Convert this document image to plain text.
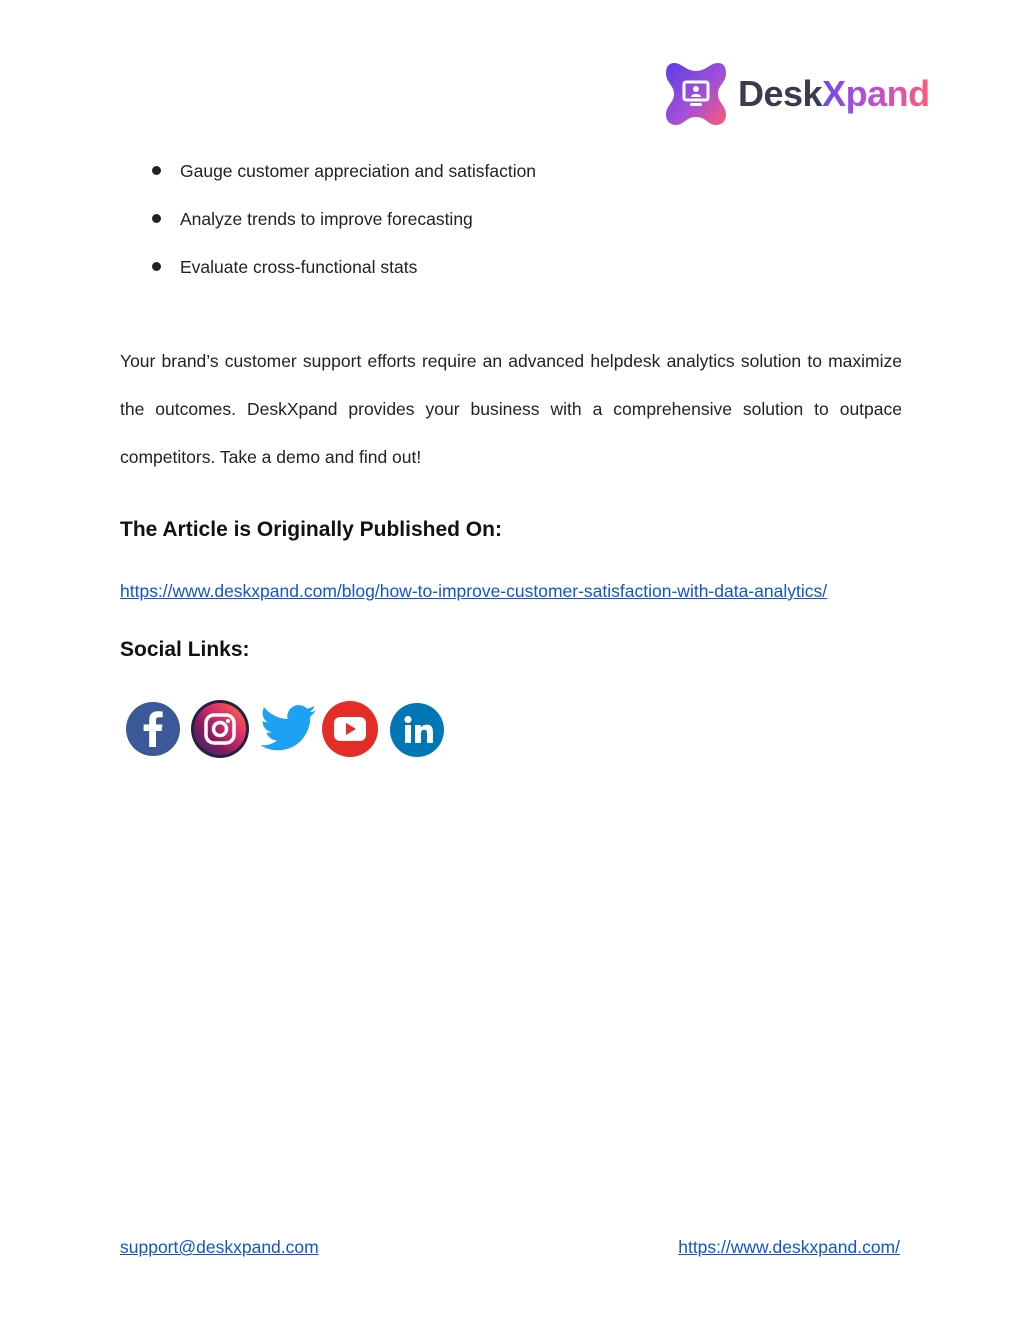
DeskXpand
Gauge customer appreciation and satisfaction
Analyze trends to improve forecasting
Evaluate cross-functional stats

Your brand’s customer support efforts require an advanced helpdesk analytics solution to maximize the outcomes. DeskXpand provides your business with a comprehensive solution to outpace competitors. Take a demo and find out!

The Article is Originally Published On:
https://www.deskxpand.com/blog/how-to-improve-customer-satisfaction-with-data-analytics/
Social Links:
support@deskxpand.com	https://www.deskxpand.com/
